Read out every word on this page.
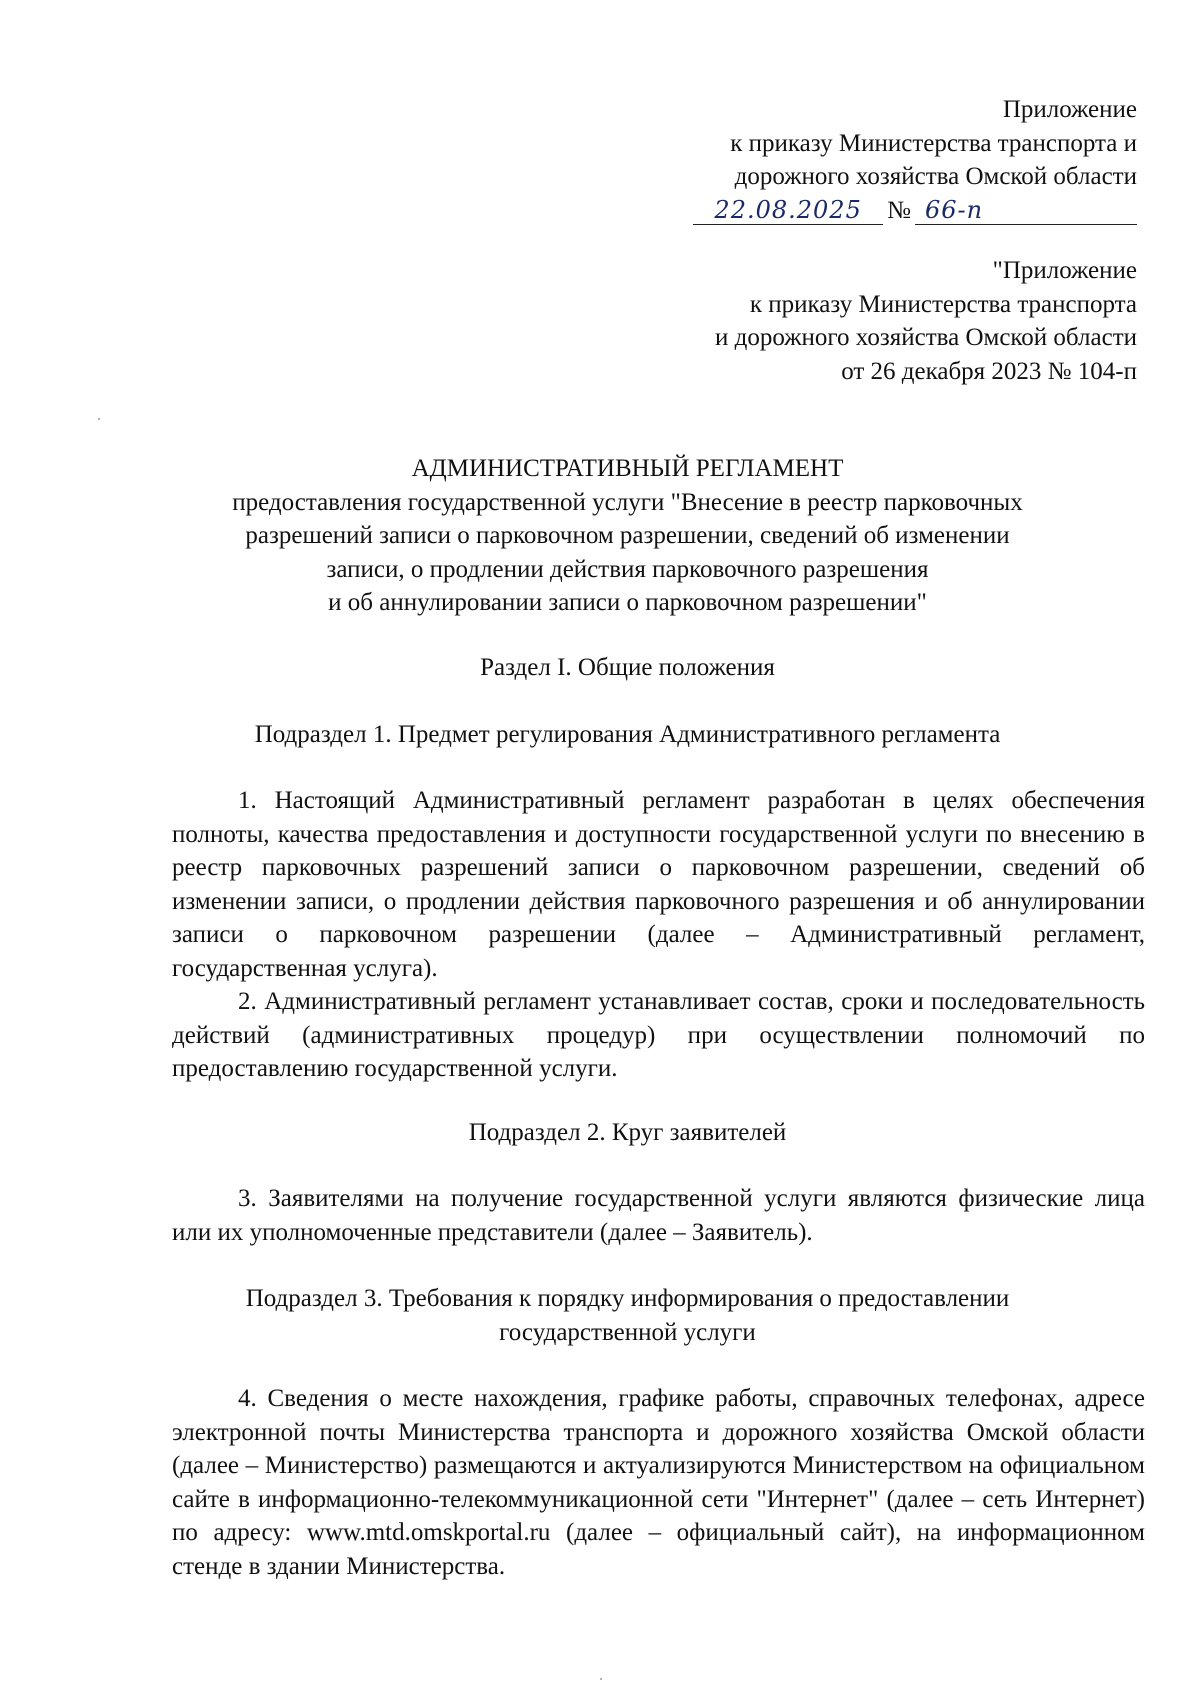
Приложение
к приказу Министерства транспорта и
дорожного хозяйства Омской области
22.08.2025 № 66-п
"Приложение
к приказу Министерства транспорта
и дорожного хозяйства Омской области
от 26 декабря 2023 № 104-п
АДМИНИСТРАТИВНЫЙ РЕГЛАМЕНТ
предоставления государственной услуги "Внесение в реестр парковочных
разрешений записи о парковочном разрешении, сведений об изменении
записи, о продлении действия парковочного разрешения
и об аннулировании записи о парковочном разрешении"
Раздел I. Общие положения
Подраздел 1. Предмет регулирования Административного регламента

1. Настоящий Административный регламент разработан в целях обеспечения полноты, качества предоставления и доступности государственной услуги по внесению в реестр парковочных разрешений записи о парковочном разрешении, сведений об изменении записи, о продлении действия парковочного разрешения и об аннулировании записи о парковочном разрешении (далее – Административный регламент, государственная услуга).

2. Административный регламент устанавливает состав, сроки и последовательность действий (административных процедур) при осуществлении полномочий по предоставлению государственной услуги.

Подраздел 2. Круг заявителей

3. Заявителями на получение государственной услуги являются физические лица или их уполномоченные представители (далее – Заявитель).

Подраздел 3. Требования к порядку информирования о предоставлении
государственной услуги

4. Сведения о месте нахождения, графике работы, справочных телефонах, адресе электронной почты Министерства транспорта и дорожного хозяйства Омской области (далее – Министерство) размещаются и актуализируются Министерством на официальном сайте в информационно-телекоммуникационной сети "Интернет" (далее – сеть Интернет) по адресу: www.mtd.omskportal.ru (далее – официальный сайт), на информационном стенде в здании Министерства.
